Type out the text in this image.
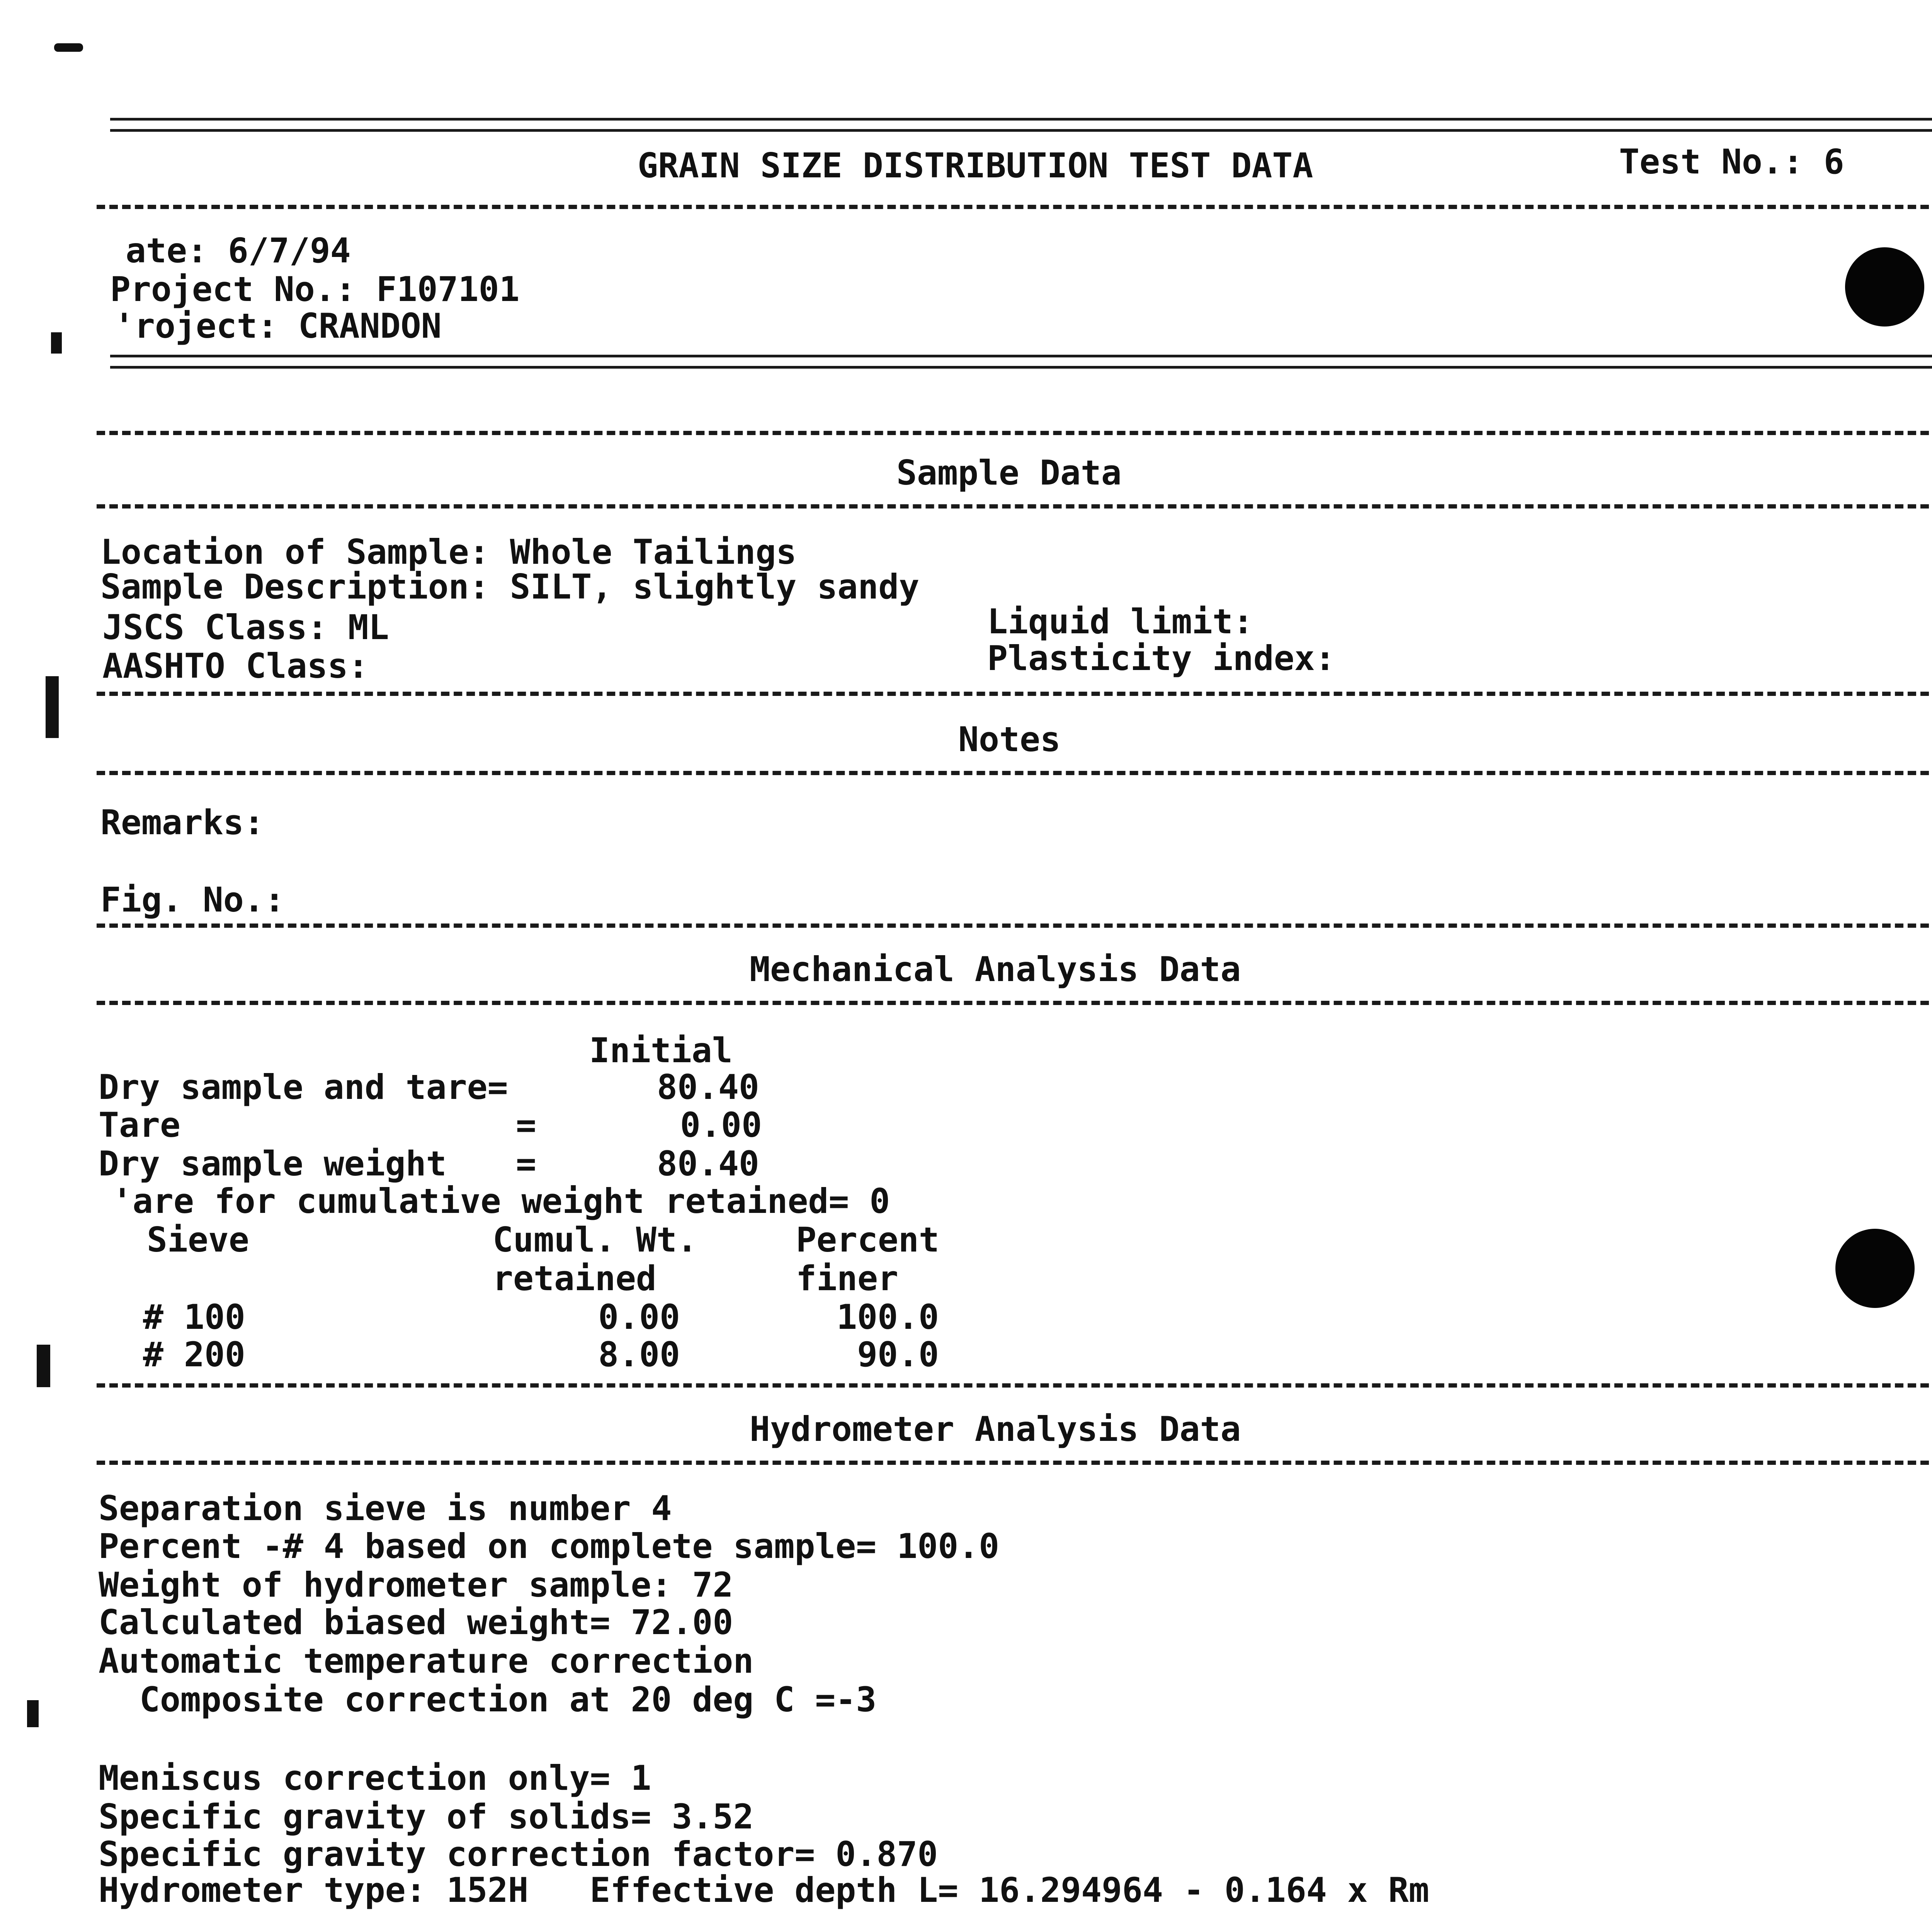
GRAIN SIZE DISTRIBUTION TEST DATA	Test No.: 6
ate: 6/7/94
Project No.: F107101
'roject: CRANDON
Sample Data
Location of Sample: Whole Tailings
Sample Description: SILT, slightly sandy
JSCS Class: ML	Liquid limit:
AASHTO Class:	Plasticity index:
Notes
Remarks:
Fig. No.:
Mechanical Analysis Data
Initial
Dry sample and tare=	80.40
Tare	=	0.00
Dry sample weight =	80.40
'are for cumulative weight retained= 0
Sieve	Cumul. Wt.	Percent
retained	finer
# 100	0.00	100.0
# 200	8.00	90.0
Hydrometer Analysis Data
Separation sieve is number 4
Percent -# 4 based on complete sample= 100.0
Weight of hydrometer sample: 72
Calculated biased weight= 72.00
Automatic temperature correction
Composite correction at 20 deg C =-3
Meniscus correction only= 1
Specific gravity of solids= 3.52
Specific gravity correction factor= 0.870
Hydrometer type: 152H   Effective depth L= 16.294964 - 0.164 x Rm
